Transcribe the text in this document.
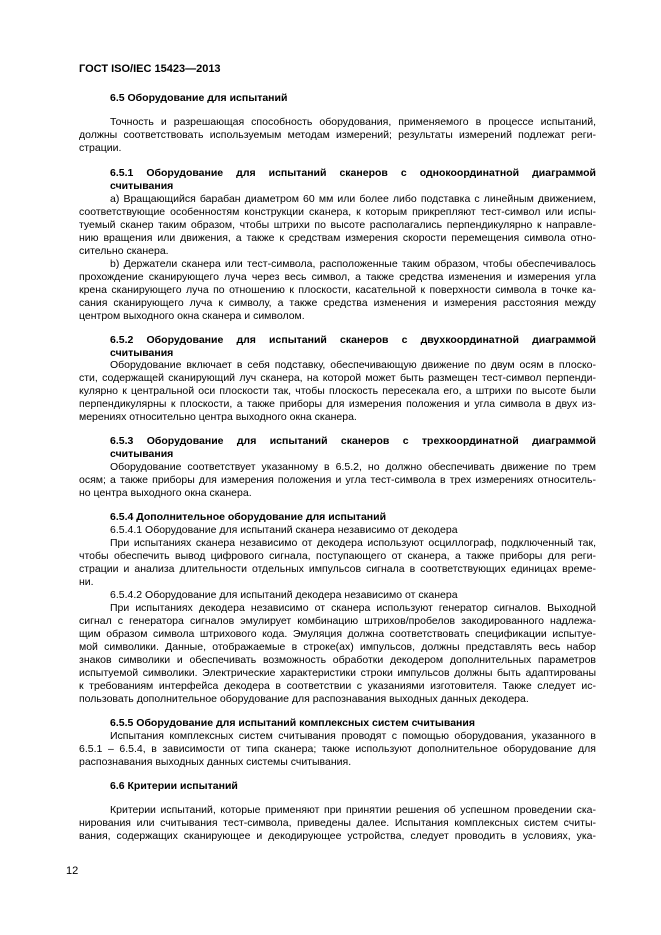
ГОСТ ISO/IEC 15423—2013
6.5 Оборудование для испытаний
Точность и разрешающая способность оборудования, применяемого в процессе испытаний,
должны соответствовать используемым методам измерений; результаты измерений подлежат реги-
страции.
6.5.1 Оборудование для испытаний сканеров с однокоординатной диаграммой
считывания
a) Вращающийся барабан диаметром 60 мм или более либо подставка с линейным движением,
соответствующие особенностям конструкции сканера, к которым прикрепляют тест-символ или испы-
туемый сканер таким образом, чтобы штрихи по высоте располагались перпендикулярно к направле-
нию вращения или движения, а также к средствам измерения скорости перемещения символа отно-
сительно сканера.
b) Держатели сканера или тест-символа, расположенные таким образом, чтобы обеспечивалось
прохождение сканирующего луча через весь символ, а также средства изменения и измерения угла
крена сканирующего луча по отношению к плоскости, касательной к поверхности символа в точке ка-
сания сканирующего луча к символу, а также средства изменения и измерения расстояния между
центром выходного окна сканера и символом.
6.5.2 Оборудование для испытаний сканеров с двухкоординатной диаграммой
считывания
Оборудование включает в себя подставку, обеспечивающую движение по двум осям в плоско-
сти, содержащей сканирующий луч сканера, на которой может быть размещен тест-символ перпенди-
кулярно к центральной оси плоскости так, чтобы плоскость пересекала его, а штрихи по высоте были
перпендикулярны к плоскости, а также приборы для измерения положения и угла символа в двух из-
мерениях относительно центра выходного окна сканера.
6.5.3 Оборудование для испытаний сканеров с трехкоординатной диаграммой
считывания
Оборудование соответствует указанному в 6.5.2, но должно обеспечивать движение по трем
осям; а также приборы для измерения положения и угла тест-символа в трех измерениях относитель-
но центра выходного окна сканера.
6.5.4 Дополнительное оборудование для испытаний
6.5.4.1 Оборудование для испытаний сканера независимо от декодера
При испытаниях сканера независимо от декодера используют осциллограф, подключенный так,
чтобы обеспечить вывод цифрового сигнала, поступающего от сканера, а также приборы для реги-
страции и анализа длительности отдельных импульсов сигнала в соответствующих единицах време-
ни.
6.5.4.2 Оборудование для испытаний декодера независимо от сканера
При испытаниях декодера независимо от сканера используют генератор сигналов. Выходной
сигнал с генератора сигналов эмулирует комбинацию штрихов/пробелов закодированного надлежа-
щим образом символа штрихового кода. Эмуляция должна соответствовать спецификации испытуе-
мой символики. Данные, отображаемые в строке(ах) импульсов, должны представлять весь набор
знаков символики и обеспечивать возможность обработки декодером дополнительных параметров
испытуемой символики. Электрические характеристики строки импульсов должны быть адаптированы
к требованиям интерфейса декодера в соответствии с указаниями изготовителя. Также следует ис-
пользовать дополнительное оборудование для распознавания выходных данных декодера.
6.5.5 Оборудование для испытаний комплексных систем считывания
Испытания комплексных систем считывания проводят с помощью оборудования, указанного в
6.5.1 – 6.5.4, в зависимости от типа сканера; также используют дополнительное оборудование для
распознавания выходных данных системы считывания.
6.6 Критерии испытаний
Критерии испытаний, которые применяют при принятии решения об успешном проведении ска-
нирования или считывания тест-символа, приведены далее. Испытания комплексных систем считы-
вания, содержащих сканирующее и декодирующее устройства, следует проводить в условиях, ука-
12
